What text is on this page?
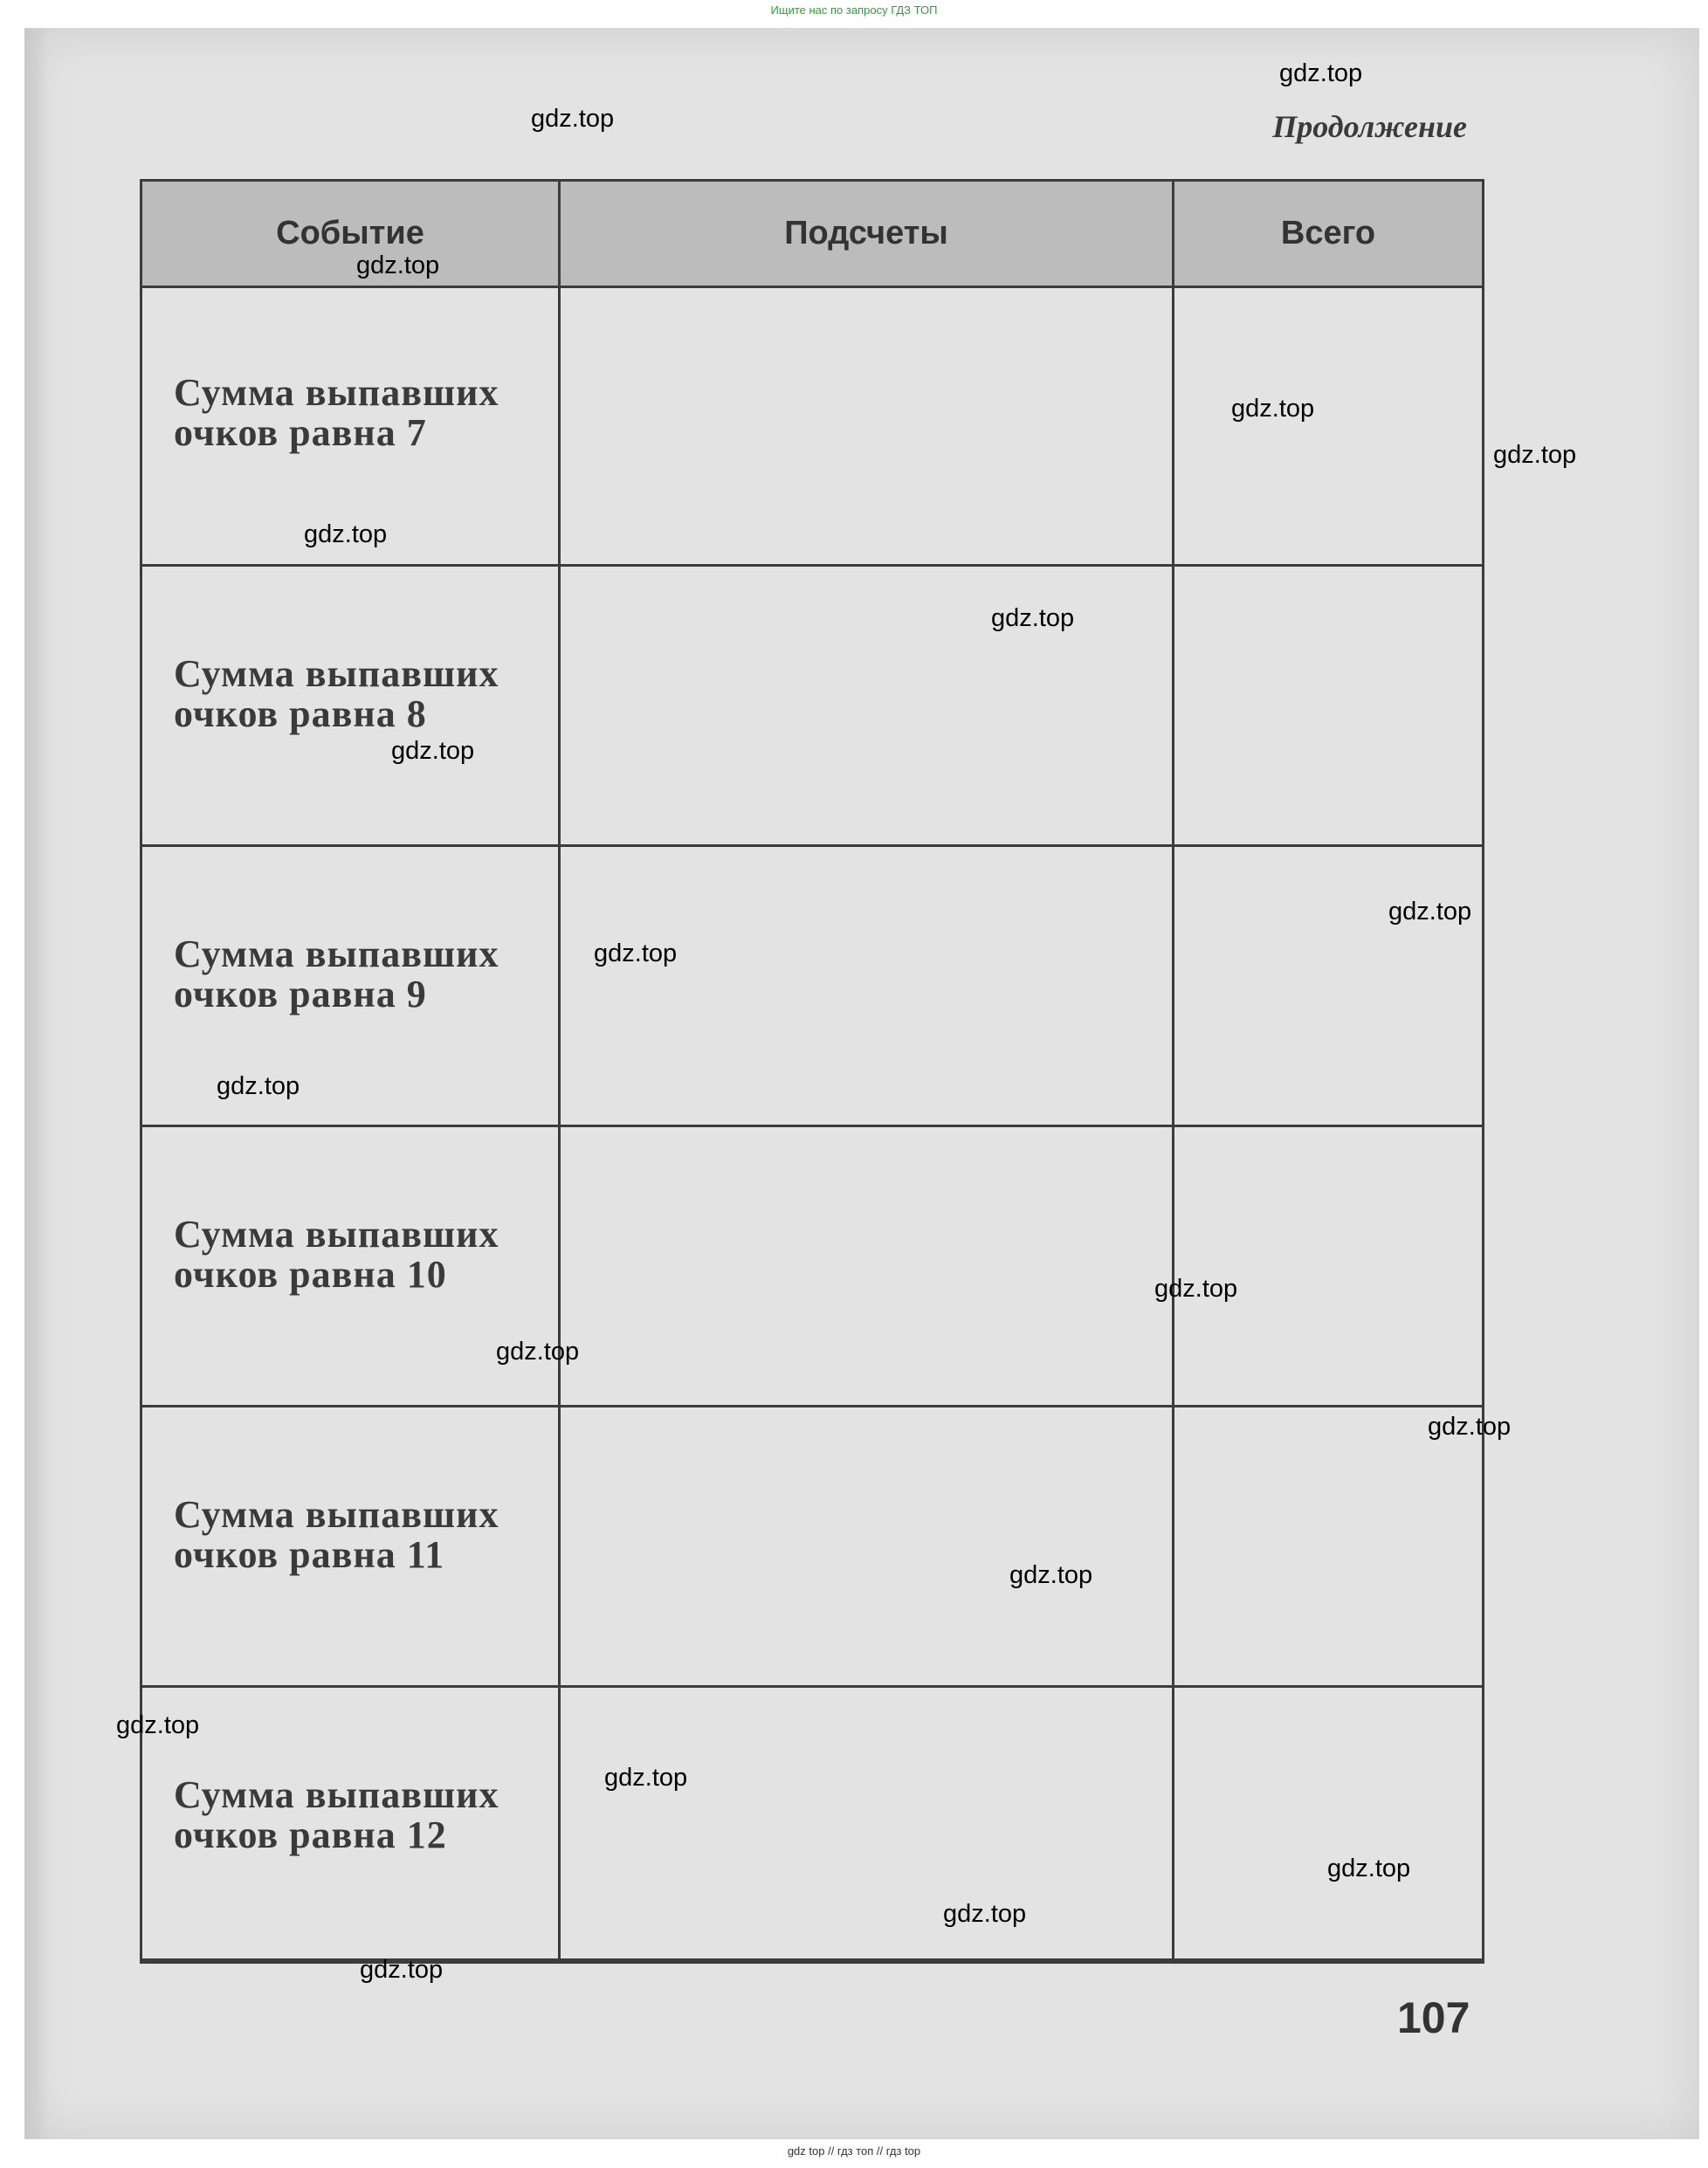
Ищите нас по запросу ГДЗ ТОП
Продолжение
Событие	Подсчеты	Всего
Сумма выпавших
очков равна 7
Сумма выпавших
очков равна 8
Сумма выпавших
очков равна 9
Сумма выпавших
очков равна 10
Сумма выпавших
очков равна 11
Сумма выпавших
очков равна 12
107
gdz.top
gdz.top
gdz.top
gdz.top
gdz.top
gdz.top
gdz.top
gdz.top
gdz.top
gdz.top
gdz.top
gdz.top
gdz.top
gdz.top
gdz.top
gdz.top
gdz.top
gdz.top
gdz.top
gdz.top
gdz top // гдз топ // гдз top
